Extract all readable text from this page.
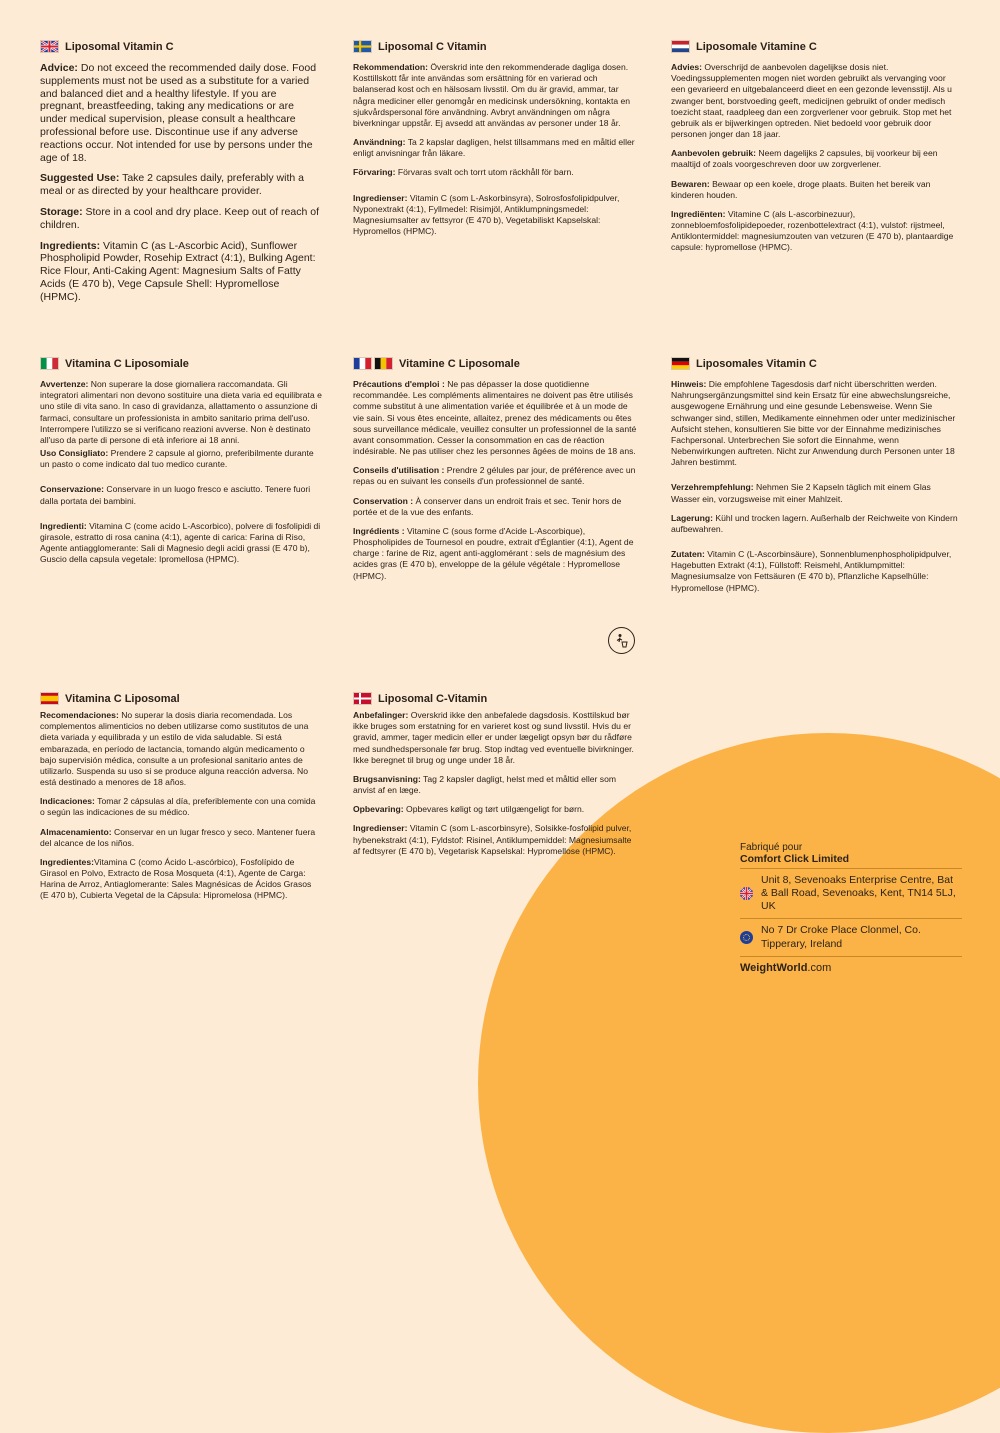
Liposomal Vitamin C

Advice: Do not exceed the recommended daily dose. Food supplements must not be used as a substitute for a varied and balanced diet and a healthy lifestyle. If you are pregnant, breastfeeding, taking any medications or are under medical supervision, please consult a healthcare professional before use. Discontinue use if any adverse reactions occur. Not intended for use by persons under the age of 18.

Suggested Use: Take 2 capsules daily, preferably with a meal or as directed by your healthcare provider.

Storage: Store in a cool and dry place. Keep out of reach of children.

Ingredients: Vitamin C (as L-Ascorbic Acid), Sunflower Phospholipid Powder, Rosehip Extract (4:1), Bulking Agent: Rice Flour, Anti-Caking Agent: Magnesium Salts of Fatty Acids (E 470 b), Vege Capsule Shell: Hypromellose (HPMC).

Liposomal C Vitamin

Rekommendation: Överskrid inte den rekommenderade dagliga dosen. Kosttillskott får inte användas som ersättning för en varierad och balanserad kost och en hälsosam livsstil. Om du är gravid, ammar, tar några mediciner eller genomgår en medicinsk undersökning, kontakta en sjukvårdspersonal före användning. Avbryt användningen om några biverkningar uppstår. Ej avsedd att användas av personer under 18 år.

Användning: Ta 2 kapslar dagligen, helst tillsammans med en måltid eller enligt anvisningar från läkare.

Förvaring: Förvaras svalt och torrt utom räckhåll för barn.

Ingredienser: Vitamin C (som L-Askorbinsyra), Solrosfosfolipidpulver, Nyponextrakt (4:1), Fyllmedel: Risimjöl, Antiklumpningsmedel: Magnesiumsalter av fettsyror (E 470 b), Vegetabiliskt Kapselskal: Hypromellos (HPMC).

Liposomale Vitamine C

Advies: Overschrijd de aanbevolen dagelijkse dosis niet. Voedingssupplementen mogen niet worden gebruikt als vervanging voor een gevarieerd en uitgebalanceerd dieet en een gezonde levensstijl. Als u zwanger bent, borstvoeding geeft, medicijnen gebruikt of onder medisch toezicht staat, raadpleeg dan een zorgverlener voor gebruik. Stop met het gebruik als er bijwerkingen optreden. Niet bedoeld voor gebruik door personen jonger dan 18 jaar.

Aanbevolen gebruik: Neem dagelijks 2 capsules, bij voorkeur bij een maaltijd of zoals voorgeschreven door uw zorgverlener.

Bewaren: Bewaar op een koele, droge plaats. Buiten het bereik van kinderen houden.

Ingrediënten: Vitamine C (als L-ascorbinezuur), zonnebloemfosfolipidepoeder, rozenbottelextract (4:1), vulstof: rijstmeel, Antiklontermiddel: magnesiumzouten van vetzuren (E 470 b), plantaardige capsule: hypromellose (HPMC).

Vitamina C Liposomiale

Avvertenze: Non superare la dose giornaliera raccomandata. Gli integratori alimentari non devono sostituire una dieta varia ed equilibrata e uno stile di vita sano. In caso di gravidanza, allattamento o assunzione di farmaci, consultare un professionista in ambito sanitario prima dell'uso. Interrompere l'utilizzo se si verificano reazioni avverse. Non è destinato all'uso da parte di persone di età inferiore ai 18 anni.

Uso Consigliato: Prendere 2 capsule al giorno, preferibilmente durante un pasto o come indicato dal tuo medico curante.

Conservazione: Conservare in un luogo fresco e asciutto. Tenere fuori dalla portata dei bambini.

Ingredienti: Vitamina C (come acido L-Ascorbico), polvere di fosfolipidi di girasole, estratto di rosa canina (4:1), agente di carica: Farina di Riso, Agente antiagglomerante: Sali di Magnesio degli acidi grassi (E 470 b), Guscio della capsula vegetale: Ipromellosa (HPMC).

Vitamine C Liposomale

Précautions d'emploi : Ne pas dépasser la dose quotidienne recommandée. Les compléments alimentaires ne doivent pas être utilisés comme substitut à une alimentation variée et équilibrée et à un mode de vie sain. Si vous êtes enceinte, allaitez, prenez des médicaments ou êtes sous surveillance médicale, veuillez consulter un professionnel de la santé avant consommation. Cesser la consommation en cas de réaction indésirable. Ne pas utiliser chez les personnes âgées de moins de 18 ans.

Conseils d'utilisation : Prendre 2 gélules par jour, de préférence avec un repas ou en suivant les conseils d'un professionnel de santé.

Conservation : À conserver dans un endroit frais et sec. Tenir hors de portée et de la vue des enfants.

Ingrédients : Vitamine C (sous forme d'Acide L-Ascorbique), Phospholipides de Tournesol en poudre, extrait d'Églantier (4:1), Agent de charge : farine de Riz, agent anti-agglomérant : sels de magnésium des acides gras (E 470 b), enveloppe de la gélule végétale : Hypromellose (HPMC).

Liposomales Vitamin C

Hinweis: Die empfohlene Tagesdosis darf nicht überschritten werden. Nahrungsergänzungsmittel sind kein Ersatz für eine abwechslungsreiche, ausgewogene Ernährung und eine gesunde Lebensweise. Wenn Sie schwanger sind, stillen, Medikamente einnehmen oder unter medizinischer Aufsicht stehen, konsultieren Sie bitte vor der Einnahme medizinisches Fachpersonal. Unterbrechen Sie sofort die Einnahme, wenn Nebenwirkungen auftreten. Nicht zur Anwendung durch Personen unter 18 Jahren bestimmt.

Verzehrempfehlung: Nehmen Sie 2 Kapseln täglich mit einem Glas Wasser ein, vorzugsweise mit einer Mahlzeit.

Lagerung: Kühl und trocken lagern. Außerhalb der Reichweite von Kindern aufbewahren.

Zutaten: Vitamin C (L-Ascorbinsäure), Sonnenblumenphospholipidpulver, Hagebutten Extrakt (4:1), Füllstoff: Reismehl, Antiklumpmittel: Magnesiumsalze von Fettsäuren (E 470 b), Pflanzliche Kapselhülle: Hypromellose (HPMC).

Vitamina C Liposomal

Recomendaciones: No superar la dosis diaria recomendada. Los complementos alimenticios no deben utilizarse como sustitutos de una dieta variada y equilibrada y un estilo de vida saludable. Si está embarazada, en período de lactancia, tomando algún medicamento o bajo supervisión médica, consulte a un profesional sanitario antes de utilizarlo. Suspenda su uso si se produce alguna reacción adversa. No está destinado a menores de 18 años.

Indicaciones: Tomar 2 cápsulas al día, preferiblemente con una comida o según las indicaciones de su médico.

Almacenamiento: Conservar en un lugar fresco y seco. Mantener fuera del alcance de los niños.

Ingredientes:Vitamina C (como Ácido L-ascórbico), Fosfolípido de Girasol en Polvo, Extracto de Rosa Mosqueta (4:1), Agente de Carga: Harina de Arroz, Antiaglomerante: Sales Magnésicas de Ácidos Grasos (E 470 b), Cubierta Vegetal de la Cápsula: Hipromelosa (HPMC).

Liposomal C-Vitamin

Anbefalinger: Overskrid ikke den anbefalede dagsdosis. Kosttilskud bør ikke bruges som erstatning for en varieret kost og sund livsstil. Hvis du er gravid, ammer, tager medicin eller er under lægeligt opsyn bør du rådføre med sundhedspersonale før brug. Stop indtag ved eventuelle bivirkninger. Ikke beregnet til brug og unge under 18 år.

Brugsanvisning: Tag 2 kapsler dagligt, helst med et måltid eller som anvist af en læge.

Opbevaring: Opbevares køligt og tørt utilgængeligt for børn.

Ingredienser: Vitamin C (som L-ascorbinsyre), Solsikke-fosfolipid pulver, hybenekstrakt (4:1), Fyldstof: Risinel, Antiklumpemiddel: Magnesiumsalte af fedtsyrer (E 470 b), Vegetarisk Kapselskal: Hypromellose (HPMC).	Fabriqué pour
Comfort Click Limited
Unit 8, Sevenoaks Enterprise Centre, Bat & Ball Road, Sevenoaks, Kent, TN14 5LJ, UK
No 7 Dr Croke Place Clonmel, Co. Tipperary, Ireland
WeightWorld.com
